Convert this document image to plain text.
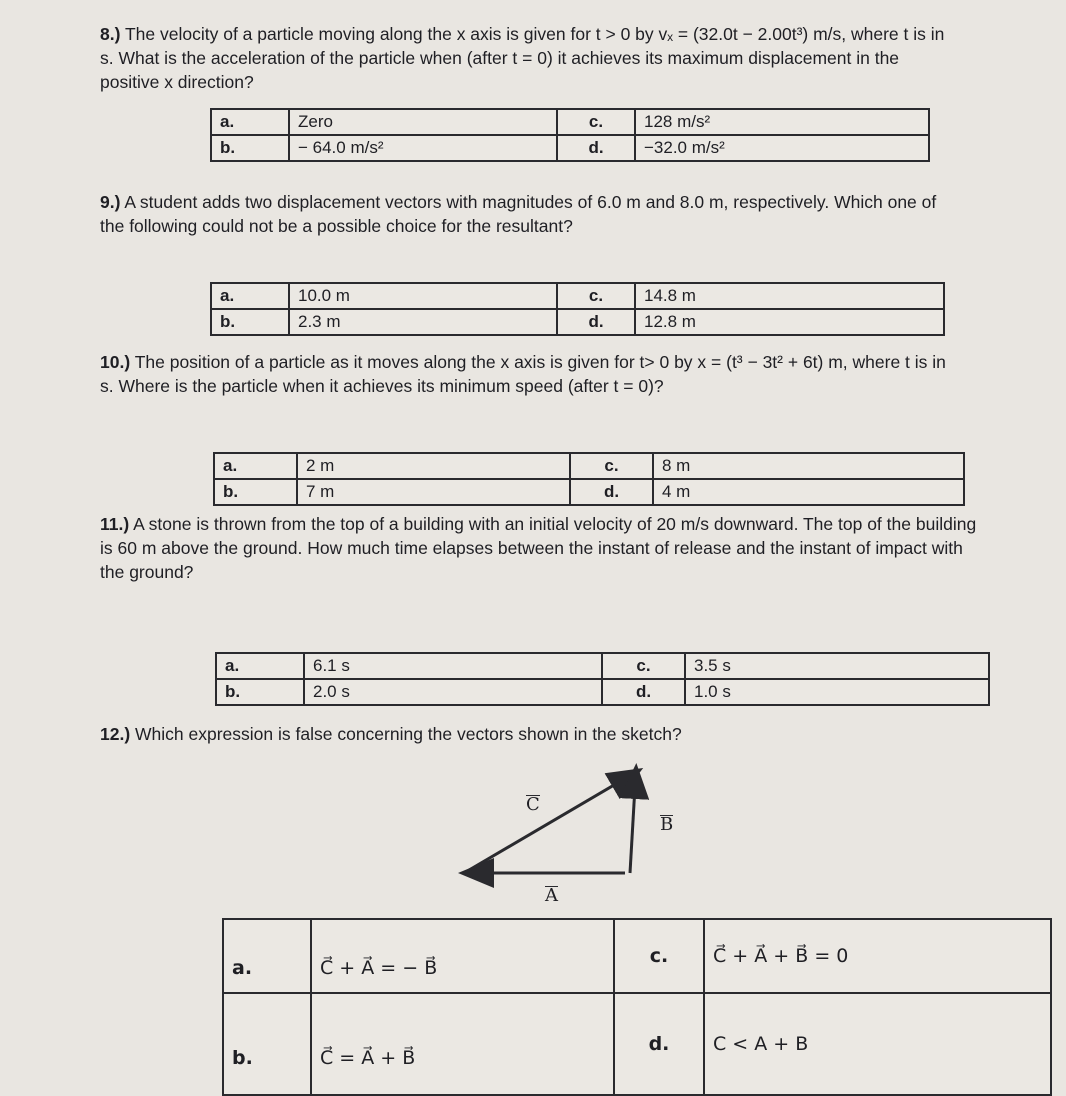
8.) The velocity of a particle moving along the x axis is given for t > 0 by vₓ = (32.0t − 2.00t³) m/s, where t is in s. What is the acceleration of the particle when (after t = 0) it achieves its maximum displacement in the positive x direction?
a.	Zero	c.	128 m/s²
b.	− 64.0 m/s²	d.	−32.0 m/s²
9.) A student adds two displacement vectors with magnitudes of 6.0 m and 8.0 m, respectively. Which one of the following could not be a possible choice for the resultant?
a.	10.0 m	c.	14.8 m
b.	2.3 m	d.	12.8 m
10.) The position of a particle as it moves along the x axis is given for t> 0 by x = (t³ − 3t² + 6t) m, where t is in s. Where is the particle when it achieves its minimum speed (after t = 0)?
a.	2 m	c.	8 m
b.	7 m	d.	4 m
11.) A stone is thrown from the top of a building with an initial velocity of 20 m/s downward. The top of the building is 60 m above the ground. How much time elapses between the instant of release and the instant of impact with the ground?
a.	6.1 s	c.	3.5 s
b.	2.0 s	d.	1.0 s
12.) Which expression is false concerning the vectors shown in the sketch?
C
B
A
a.	C⃗ + A⃗ = − B⃗	c.	C⃗ + A⃗ + B⃗ = 0
b.	C⃗ = A⃗ + B⃗	d.	C < A + B
